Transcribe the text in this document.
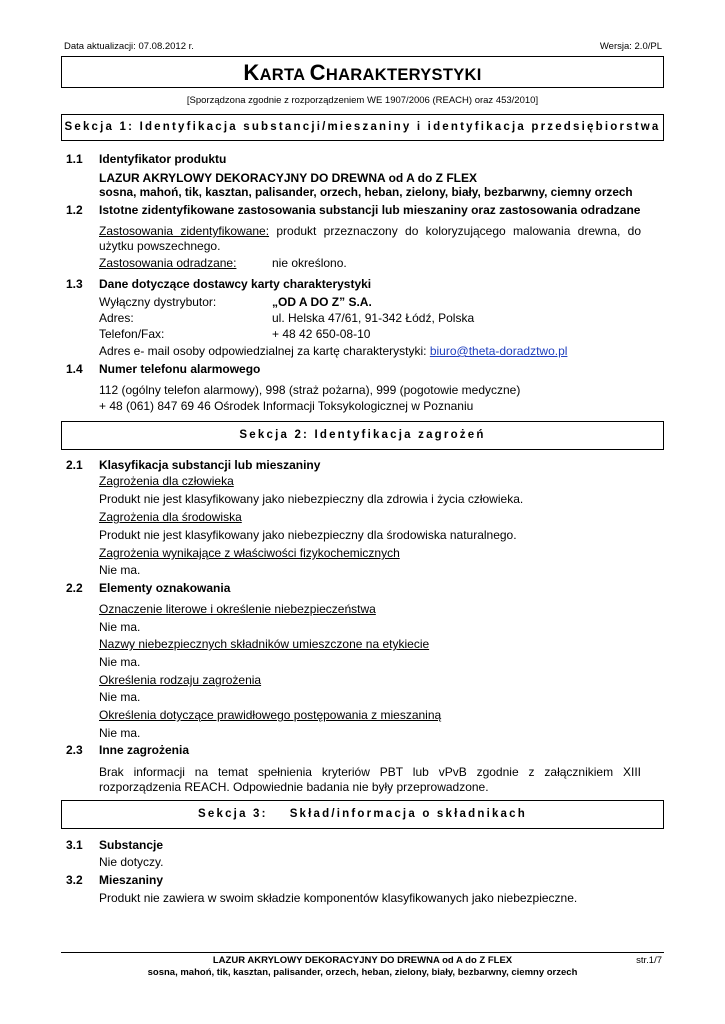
Data aktualizacji: 07.08.2012 r.	Wersja: 2.0/PL
KARTA CHARAKTERYSTYKI
[Sporządzona zgodnie z rozporządzeniem WE 1907/2006 (REACH) oraz 453/2010]
Sekcja 1: Identyfikacja substancji/mieszaniny i identyfikacja przedsiębiorstwa
1.1 Identyfikator produktu
LAZUR AKRYLOWY DEKORACYJNY DO DREWNA od A do Z FLEX
sosna, mahoń, tik, kasztan, palisander, orzech, heban, zielony, biały, bezbarwny, ciemny orzech
1.2 Istotne zidentyfikowane zastosowania substancji lub mieszaniny oraz zastosowania odradzane
Zastosowania zidentyfikowane: produkt przeznaczony do koloryzującego malowania drewna, do użytku powszechnego.
Zastosowania odradzane:	nie określono.
1.3 Dane dotyczące dostawcy karty charakterystyki
Wyłączny dystrybutor:	„OD A DO Z” S.A.
Adres:	ul. Helska 47/61, 91-342 Łódź, Polska
Telefon/Fax:	+ 48 42 650-08-10
Adres e- mail osoby odpowiedzialnej za kartę charakterystyki: biuro@theta-doradztwo.pl
1.4 Numer telefonu alarmowego
112 (ogólny telefon alarmowy), 998 (straż pożarna), 999 (pogotowie medyczne)
+ 48 (061) 847 69 46 Ośrodek Informacji Toksykologicznej w Poznaniu
Sekcja 2: Identyfikacja zagrożeń
2.1 Klasyfikacja substancji lub mieszaniny
Zagrożenia dla człowieka
Produkt nie jest klasyfikowany jako niebezpieczny dla zdrowia i życia człowieka.
Zagrożenia dla środowiska
Produkt nie jest klasyfikowany jako niebezpieczny dla środowiska naturalnego.
Zagrożenia wynikające z właściwości fizykochemicznych
Nie ma.
2.2 Elementy oznakowania
Oznaczenie literowe i określenie niebezpieczeństwa
Nie ma.
Nazwy niebezpiecznych składników umieszczone na etykiecie
Nie ma.
Określenia rodzaju zagrożenia
Nie ma.
Określenia dotyczące prawidłowego postępowania z mieszaniną
Nie ma.
2.3 Inne zagrożenia
Brak informacji na temat spełnienia kryteriów PBT lub vPvB zgodnie z załącznikiem XIII rozporządzenia REACH. Odpowiednie badania nie były przeprowadzone.
Sekcja 3: Skład/informacja o składnikach
3.1 Substancje
Nie dotyczy.
3.2 Mieszaniny
Produkt nie zawiera w swoim składzie komponentów klasyfikowanych jako niebezpieczne.
LAZUR AKRYLOWY DEKORACYJNY DO DREWNA od A do Z FLEX
sosna, mahoń, tik, kasztan, palisander, orzech, heban, zielony, biały, bezbarwny, ciemny orzech
str.1/7
